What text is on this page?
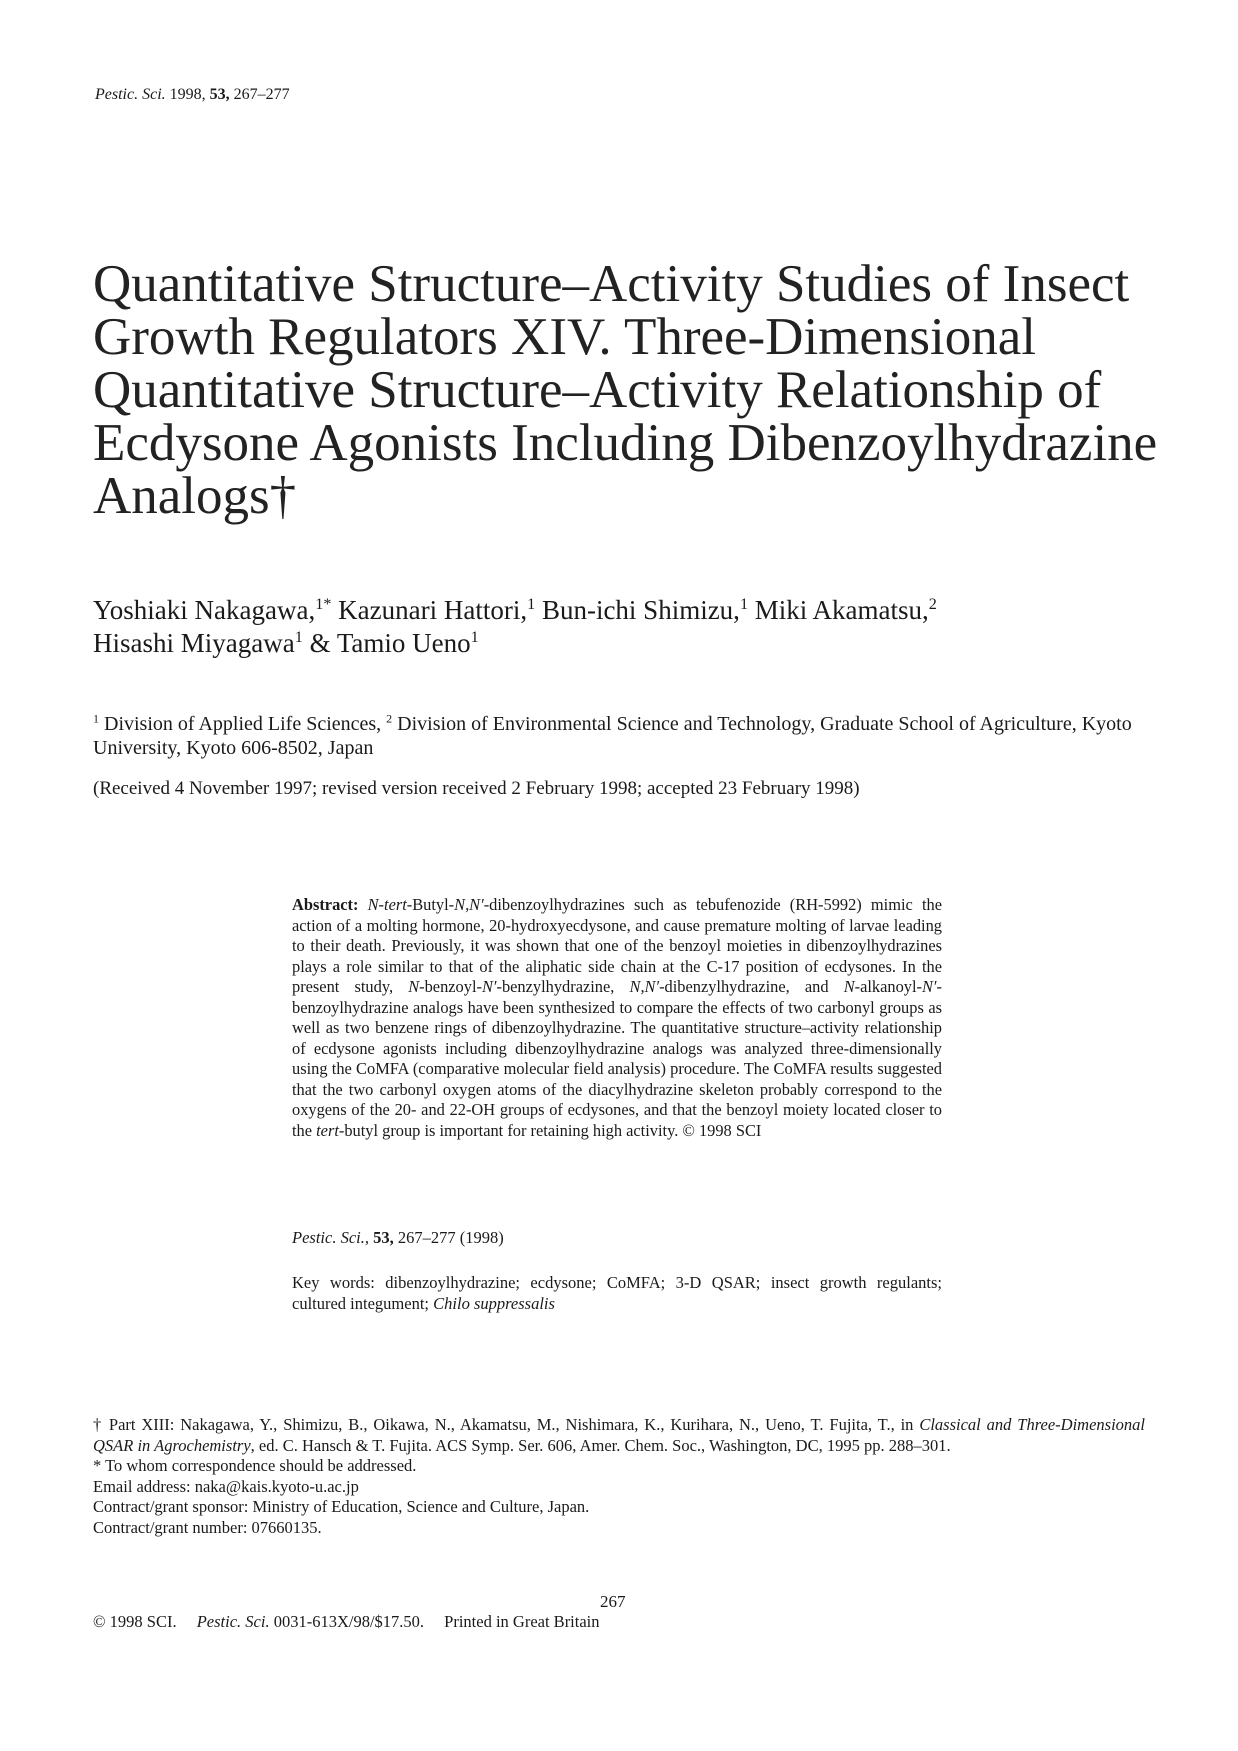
Pestic. Sci. 1998, 53, 267–277
Quantitative Structure–Activity Studies of Insect
Growth Regulators XIV. Three-Dimensional
Quantitative Structure–Activity Relationship of
Ecdysone Agonists Including Dibenzoylhydrazine
Analogs†
Yoshiaki Nakagawa,$^{1*}$ Kazunari Hattori,$^1$ Bun-ichi Shimizu,$^1$ Miki Akamatsu,$^2$
Hisashi Miyagawa$^1$ & Tamio Ueno$^1$
$^1$ Division of Applied Life Sciences, $^2$ Division of Environmental Science and Technology, Graduate School of Agriculture, Kyoto University, Kyoto 606-8502, Japan
(Received 4 November 1997; revised version received 2 February 1998; accepted 23 February 1998)
Abstract: N-tert-Butyl-N,N′-dibenzoylhydrazines such as tebufenozide (RH-5992) mimic the action of a molting hormone, 20-hydroxyecdysone, and cause premature molting of larvae leading to their death. Previously, it was shown that one of the benzoyl moieties in dibenzoylhydrazines plays a role similar to that of the aliphatic side chain at the C-17 position of ecdysones. In the present study, N-benzoyl-N′-benzylhydrazine, N,N′-dibenzylhydrazine, and N-alkanoyl-N′-benzoylhydrazine analogs have been synthesized to compare the effects of two carbonyl groups as well as two benzene rings of dibenzoylhydrazine. The quantitative structure–activity relationship of ecdysone agonists including dibenzoylhydrazine analogs was analyzed three-dimensionally using the CoMFA (comparative molecular field analysis) procedure. The CoMFA results suggested that the two carbonyl oxygen atoms of the diacylhydrazine skeleton probably correspond to the oxygens of the 20- and 22-OH groups of ecdysones, and that the benzoyl moiety located closer to the tert-butyl group is important for retaining high activity. © 1998 SCI
Pestic. Sci., 53, 267–277 (1998)
Key words: dibenzoylhydrazine; ecdysone; CoMFA; 3-D QSAR; insect growth regulants; cultured integument; Chilo suppressalis
† Part XIII: Nakagawa, Y., Shimizu, B., Oikawa, N., Akamatsu, M., Nishimara, K., Kurihara, N., Ueno, T. Fujita, T., in Classical and Three-Dimensional QSAR in Agrochemistry, ed. C. Hansch & T. Fujita. ACS Symp. Ser. 606, Amer. Chem. Soc., Washington, DC, 1995 pp. 288–301.
* To whom correspondence should be addressed.
Email address: naka@kais.kyoto-u.ac.jp
Contract/grant sponsor: Ministry of Education, Science and Culture, Japan.
Contract/grant number: 07660135.
267
© 1998 SCI. Pestic. Sci. 0031-613X/98/$17.50. Printed in Great Britain
